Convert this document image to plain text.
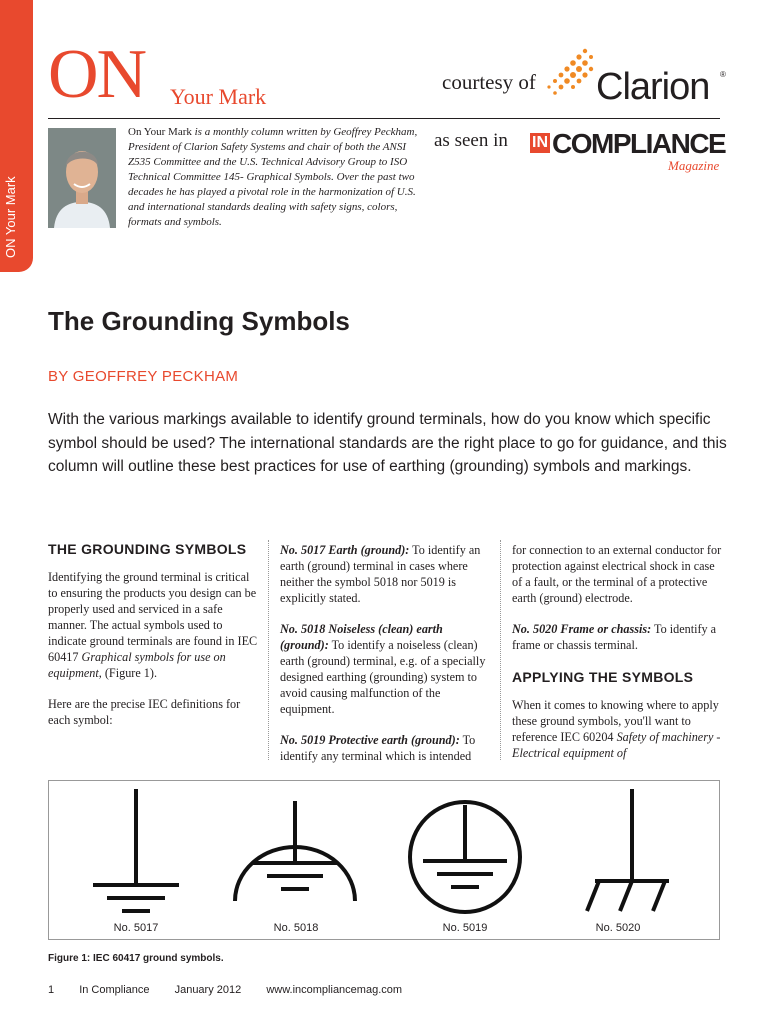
ON Your Mark
ON Your Mark
courtesy of Clarion ®
as seen in IN COMPLIANCE
Magazine
On Your Mark is a monthly column written by Geoffrey Peckham, President of Clarion Safety Systems and chair of both the ANSI Z535 Committee and the U.S. Technical Advisory Group to ISO Technical Committee 145- Graphical Symbols. Over the past two decades he has played a pivotal role in the harmonization of U.S. and international standards dealing with safety signs, colors, formats and symbols.
The Grounding Symbols
BY GEOFFREY PECKHAM
With the various markings available to identify ground terminals, how do you know which specific symbol should be used? The international standards are the right place to go for guidance, and this column will outline these best practices for use of earthing (grounding) symbols and markings.
THE GROUNDING SYMBOLS

Identifying the ground terminal is critical to ensuring the products you design can be properly used and serviced in a safe manner. The actual symbols used to indicate ground terminals are found in IEC 60417 Graphical symbols for use on equipment, (Figure 1).

Here are the precise IEC definitions for each symbol:

No. 5017 Earth (ground): To identify an earth (ground) terminal in cases where neither the symbol 5018 nor 5019 is explicitly stated.

No. 5018 Noiseless (clean) earth (ground): To identify a noiseless (clean) earth (ground) terminal, e.g. of a specially designed earthing (grounding) system to avoid causing malfunction of the equipment.

No. 5019 Protective earth (ground): To identify any terminal which is intended

for connection to an external conductor for protection against electrical shock in case of a fault, or the terminal of a protective earth (ground) electrode.

No. 5020 Frame or chassis: To identify a frame or chassis terminal.

APPLYING THE SYMBOLS

When it comes to knowing where to apply these ground symbols, you'll want to reference IEC 60204 Safety of machinery - Electrical equipment of

No. 5017	No. 5018	No. 5019	No. 5020
Figure 1: IEC 60417 ground symbols.
1 In Compliance January 2012 www.incompliancemag.com
